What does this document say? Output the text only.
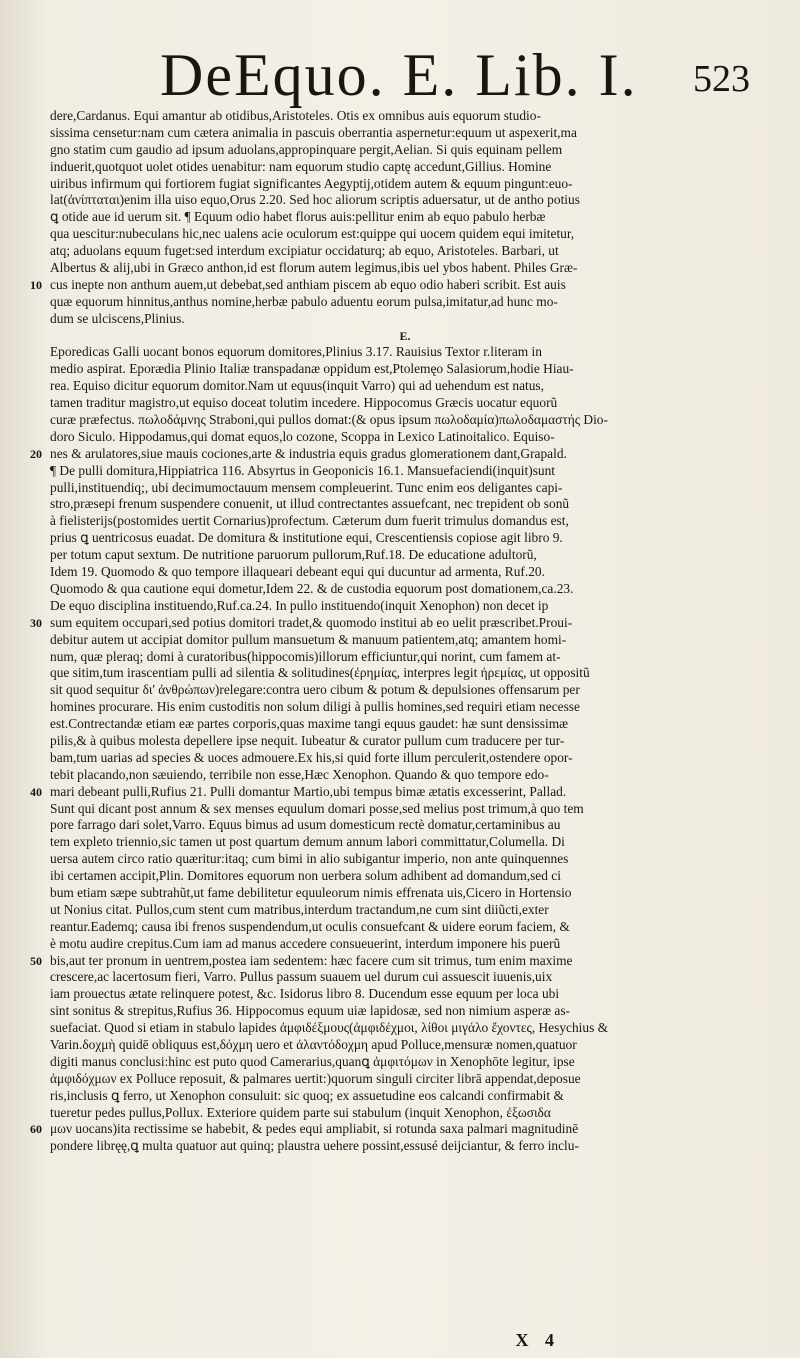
DeEquo. E. Lib. I. 523
dere,Cardanus. Equi amantur ab otidibus,Aristoteles. Otis ex omnibus auis equorum studio-
sissima censetur:nam cum cætera animalia in pascuis oberrantia aspernetur:equum ut aspexerit,ma
gno statim cum gaudio ad ipsum aduolans,appropinquare pergit,Aelian. Si quis equinam pellem
induerit,quotquot uolet otides uenabitur: nam equorum studio captę accedunt,Gillius. Homine
uiribus infirmum qui fortiorem fugiat significantes Aegyptij,otidem autem & equum pingunt:euo-
lat(ἀνίπταται)enim illa uiso equo,Orus 2.20. Sed hoc aliorum scriptis aduersatur, ut de antho potius
ꝗ otide aue id uerum sit. ¶ Equum odio habet florus auis:pellitur enim ab equo pabulo herbæ
qua uescitur:nubeculans hic,nec ualens acie oculorum est:quippe qui uocem quidem equi imitetur,
atq; aduolans equum fuget:sed interdum excipiatur occidaturq; ab equo, Aristoteles. Barbari, ut
Albertus & alij,ubi in Græco anthon,id est florum autem legimus,ibis uel ybos habent. Philes Græ-
cus inepte non anthum auem,ut debebat,sed anthiam piscem ab equo odio haberi scribit. Est auis
10
quæ equorum hinnitus,anthus nomine,herbæ pabulo aduentu eorum pulsa,imitatur,ad hunc mo-
dum se ulciscens,Plinius.
E.
Eporedicas Galli uocant bonos equorum domitores,Plinius 3.17. Rauisius Textor r.literam in
medio aspirat. Eporædia Plinio Italiæ transpadanæ oppidum est,Ptolemęo Salasiorum,hodie Hiau-
rea. Equiso dicitur equorum domitor.Nam ut equus(inquit Varro) qui ad uehendum est natus,
tamen traditur magistro,ut equiso doceat tolutim incedere. Hippocomus Græcis uocatur equorũ
curæ præfectus. πωλοδάμνης Straboni,qui pullos domat:(& opus ipsum πωλοδαμία)πωλοδαμαστής Dio-
doro Siculo. Hippodamus,qui domat equos,lo cozone, Scoppa in Lexico Latinoitalico. Equiso-
nes & arulatores,siue mauis cociones,arte & industria equis gradus glomerationem dant,Grapald.
20
¶ De pulli domitura,Hippiatrica 116. Absyrtus in Geoponicis 16.1. Mansuefaciendi(inquit)sunt
pulli,instituendiq;, ubi decimumoctauum mensem compleuerint. Tunc enim eos deligantes capi-
stro,præsepi frenum suspendere conuenit, ut illud contrectantes assuefcant, nec trepident ob sonũ
à fielisterijs(postomides uertit Cornarius)profectum. Cæterum dum fuerit trimulus domandus est,
prius ꝗ uentricosus euadat. De domitura & institutione equi, Crescentiensis copiose agit libro 9.
per totum caput sextum. De nutritione paruorum pullorum,Ruf.18. De educatione adultorũ,
Idem 19. Quomodo & quo tempore illaqueari debeant equi qui ducuntur ad armenta, Ruf.20.
Quomodo & qua cautione equi dometur,Idem 22. & de custodia equorum post domationem,ca.23.
De equo disciplina instituendo,Ruf.ca.24. In pullo instituendo(inquit Xenophon) non decet ip
sum equitem occupari,sed potius domitori tradet,& quomodo institui ab eo uelit præscribet.Proui-
30
debitur autem ut accipiat domitor pullum mansuetum & manuum patientem,atq; amantem homi-
num, quæ pleraq; domi à curatoribus(hippocomis)illorum efficiuntur,qui norint, cum famem at-
que sitim,tum irascentiam pulli ad silentia & solitudines(ἐρημίας, interpres legit ἠρεμίας, ut oppositũ
sit quod sequitur δι' ἀνθρώπων)relegare:contra uero cibum & potum & depulsiones offensarum per
homines procurare. His enim custoditis non solum diligi à pullis homines,sed requiri etiam necesse
est.Contrectandæ etiam eæ partes corporis,quas maxime tangi equus gaudet: hæ sunt densissimæ
pilis,& à quibus molesta depellere ipse nequit. Iubeatur & curator pullum cum traducere per tur-
bam,tum uarias ad species & uoces admouere.Ex his,si quid forte illum perculerit,ostendere opor-
tebit placando,non sæuiendo, terribile non esse,Hæc Xenophon. Quando & quo tempore edo-
mari debeant pulli,Rufius 21. Pulli domantur Martio,ubi tempus bimæ ætatis excesserint, Pallad.
40
Sunt qui dicant post annum & sex menses equulum domari posse,sed melius post trimum,à quo tem
pore farrago dari solet,Varro. Equus bimus ad usum domesticum rectè domatur,certaminibus au
tem expleto triennio,sic tamen ut post quartum demum annum labori committatur,Columella. Di
uersa autem circo ratio quæritur:itaq; cum bimi in alio subigantur imperio, non ante quinquennes
ibi certamen accipit,Plin. Domitores equorum non uerbera solum adhibent ad domandum,sed ci
bum etiam sæpe subtrahũt,ut fame debilitetur equuleorum nimis effrenata uis,Cicero in Hortensio
ut Nonius citat. Pullos,cum stent cum matribus,interdum tractandum,ne cum sint diiũcti,exter
reantur.Eademq; causa ibi frenos suspendendum,ut oculis consuefcant & uidere eorum faciem, &
è motu audire crepitus.Cum iam ad manus accedere consueuerint, interdum imponere his puerũ
bis,aut ter pronum in uentrem,postea iam sedentem: hæc facere cum sit trimus, tum enim maxime
50
crescere,ac lacertosum fieri, Varro. Pullus passum suauem uel durum cui assuescit iuuenis,uix
iam prouectus ætate relinquere potest, &c. Isidorus libro 8. Ducendum esse equum per loca ubi
sint sonitus & strepitus,Rufius 36. Hippocomus equum uiæ lapidosæ, sed non nimium asperæ as-
suefaciat. Quod si etiam in stabulo lapides ἀμφιδέξμους(ἀμφιδέχμοι, λίθοι μιγάλο ἔχοντες, Hesychius &
Varin.δοχμὴ quidē obliquus est,δόχμη uero et ἀλαντόδοχμη apud Polluce,mensuræ nomen,quatuor
digiti manus conclusi:hinc est puto quod Camerarius,quanꝗ ἀμφιτόμων in Xenophōte legitur, ipse
ἀμφιδόχμων ex Polluce reposuit, & palmares uertit:)quorum singuli circiter librā appendat,deposue
ris,inclusis ꝗ ferro, ut Xenophon consuluit: sic quoq; ex assuetudine eos calcandi confirmabit &
tueretur pedes pullus,Pollux. Exteriore quidem parte sui stabulum (inquit Xenophon, ἐξωσιδα
μων uocans)ita rectissime se habebit, & pedes equi ampliabit, si rotunda saxa palmari magnitudinē
60
pondere libręę,ꝗ multa quatuor aut quinq; plaustra uehere possint,essusé deijciantur, & ferro inclu-
X 4
